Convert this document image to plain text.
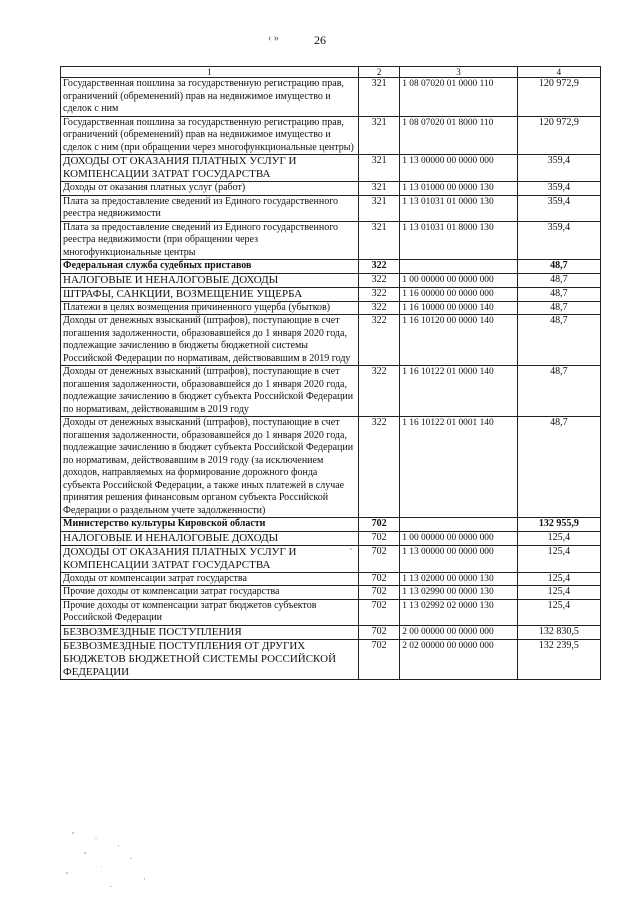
‹ »	26
1	2	3	4
Государственная пошлина за государственную регистрацию прав, ограничений (обременений) прав на недвижимое имущество и сделок с ним	321	1 08 07020 01 0000 110	120 972,9
Государственная пошлина за государственную регистрацию прав, ограничений (обременений) прав на недвижимое имущество и сделок с ним (при обращении через многофункциональные центры)	321	1 08 07020 01 8000 110	120 972,9
ДОХОДЫ ОТ ОКАЗАНИЯ ПЛАТНЫХ УСЛУГ И КОМПЕНСАЦИИ ЗАТРАТ ГОСУДАРСТВА	321	1 13 00000 00 0000 000	359,4
Доходы от оказания платных услуг (работ)	321	1 13 01000 00 0000 130	359,4
Плата за предоставление сведений из Единого государственного реестра недвижимости	321	1 13 01031 01 0000 130	359,4
Плата за предоставление сведений из Единого государственного реестра недвижимости (при обращении через многофункциональные центры	321	1 13 01031 01 8000 130	359,4
Федеральная служба судебных приставов	322		48,7
НАЛОГОВЫЕ И НЕНАЛОГОВЫЕ ДОХОДЫ	322	1 00 00000 00 0000 000	48,7
ШТРАФЫ, САНКЦИИ, ВОЗМЕЩЕНИЕ УЩЕРБА	322	1 16 00000 00 0000 000	48,7
Платежи в целях возмещения причиненного ущерба (убытков)	322	1 16 10000 00 0000 140	48,7
Доходы от денежных взысканий (штрафов), поступающие в счет погашения задолженности, образовавшейся до 1 января 2020 года, подлежащие зачислению в бюджеты бюджетной системы Российской Федерации по нормативам, действовавшим в 2019 году	322	1 16 10120 00 0000 140	48,7
Доходы от денежных взысканий (штрафов), поступающие в счет погашения задолженности, образовавшейся до 1 января 2020 года, подлежащие зачислению в бюджет субъекта Российской Федерации по нормативам, действовавшим в 2019 году	322	1 16 10122 01 0000 140	48,7
Доходы от денежных взысканий (штрафов), поступающие в счет погашения задолженности, образовавшейся до 1 января 2020 года, подлежащие зачислению в бюджет субъекта Российской Федерации по нормативам, действовавшим в 2019 году (за исключением доходов, направляемых на формирование дорожного фонда субъекта Российской Федерации, а также иных платежей в случае принятия решения финансовым органом субъекта Российской Федерации о раздельном учете задолженности)	322	1 16 10122 01 0001 140	48,7
Министерство культуры Кировской области	702		132 955,9
НАЛОГОВЫЕ И НЕНАЛОГОВЫЕ ДОХОДЫ	702	1 00 00000 00 0000 000	125,4
ДОХОДЫ ОТ ОКАЗАНИЯ ПЛАТНЫХ УСЛУГ И КОМПЕНСАЦИИ ЗАТРАТ ГОСУДАРСТВА	702	1 13 00000 00 0000 000	125,4
Доходы от компенсации затрат государства	702	1 13 02000 00 0000 130	125,4
Прочие доходы от компенсации затрат государства	702	1 13 02990 00 0000 130	125,4
Прочие доходы от компенсации затрат бюджетов субъектов Российской Федерации	702	1 13 02992 02 0000 130	125,4
БЕЗВОЗМЕЗДНЫЕ ПОСТУПЛЕНИЯ	702	2 00 00000 00 0000 000	132 830,5
БЕЗВОЗМЕЗДНЫЕ ПОСТУПЛЕНИЯ ОТ ДРУГИХ БЮДЖЕТОВ БЮДЖЕТНОЙ СИСТЕМЫ РОССИЙСКОЙ ФЕДЕРАЦИИ	702	2 02 00000 00 0000 000	132 239,5
